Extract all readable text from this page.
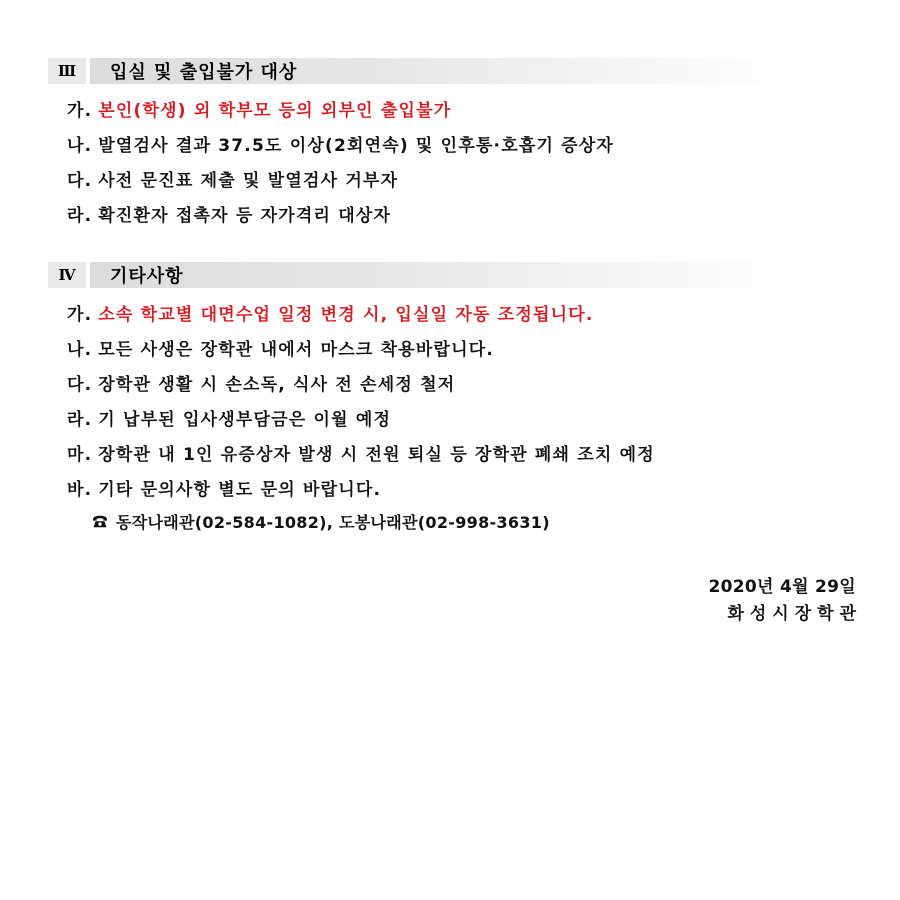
Ⅲ	입실 및 출입불가 대상
가. 본인(학생) 외 학부모 등의 외부인 출입불가
나. 발열검사 결과 37.5도 이상(2회연속) 및 인후통·호흡기 증상자
다. 사전 문진표 제출 및 발열검사 거부자
라. 확진환자 접촉자 등 자가격리 대상자
Ⅳ	기타사항
가. 소속 학교별 대면수업 일정 변경 시, 입실일 자동 조정됩니다.
나. 모든 사생은 장학관 내에서 마스크 착용바랍니다.
다. 장학관 생활 시 손소독, 식사 전 손세정 철저
라. 기 납부된 입사생부담금은 이월 예정
마. 장학관 내 1인 유증상자 발생 시 전원 퇴실 등 장학관 폐쇄 조치 예정
바. 기타 문의사항 별도 문의 바랍니다.
동작나래관(02-584-1082), 도봉나래관(02-998-3631)
2020년 4월 29일
화성시장학관
